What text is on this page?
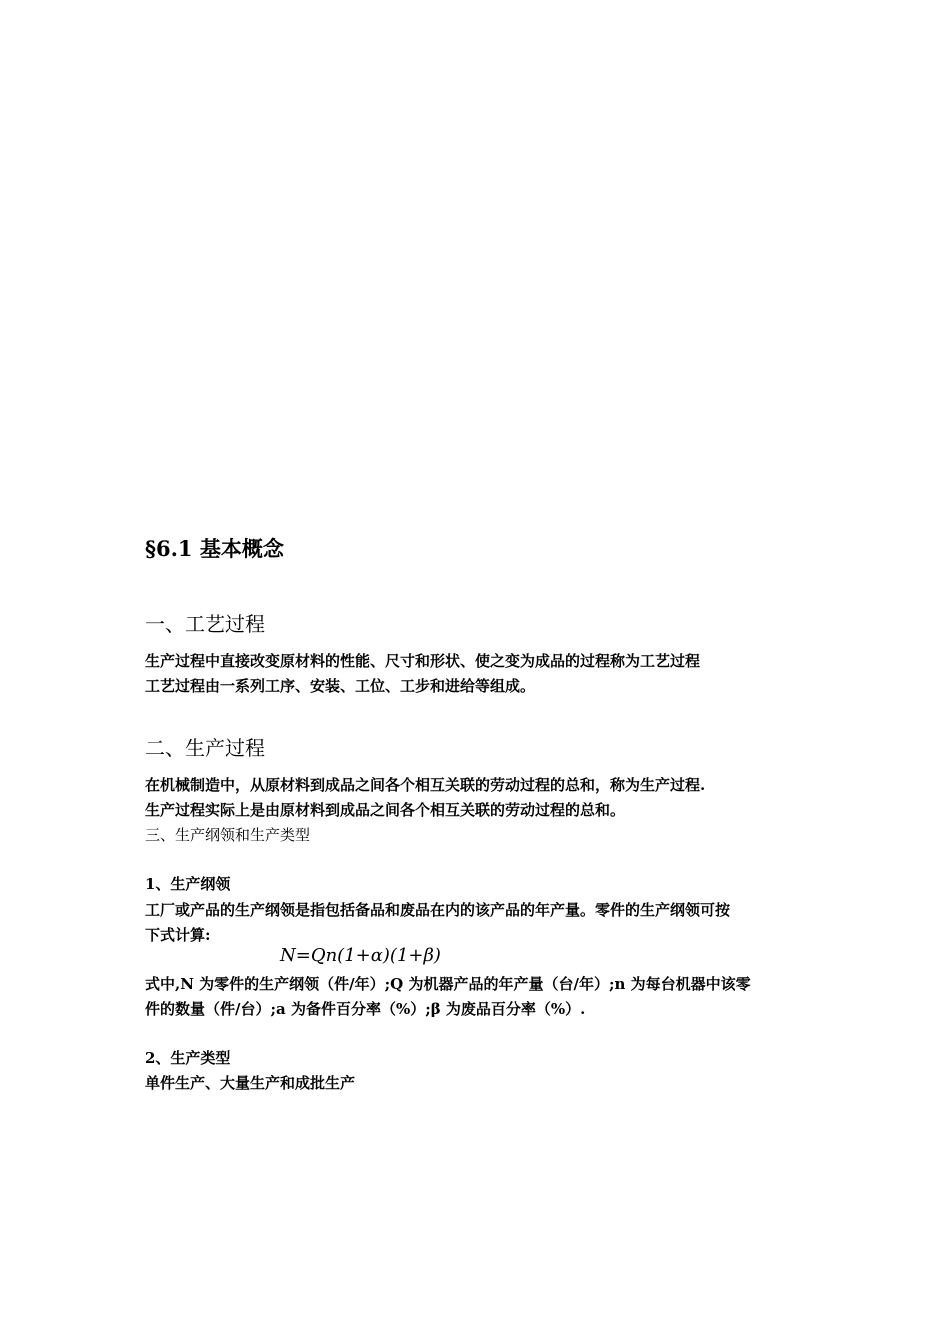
§6.1 基本概念
一、工艺过程
生产过程中直接改变原材料的性能、尺寸和形状、使之变为成品的过程称为工艺过程
工艺过程由一系列工序、安装、工位、工步和进给等组成。
二、生产过程
在机械制造中，从原材料到成品之间各个相互关联的劳动过程的总和，称为生产过程.
生产过程实际上是由原材料到成品之间各个相互关联的劳动过程的总和。
三、生产纲领和生产类型
1、生产纲领
工厂或产品的生产纲领是指包括备品和废品在内的该产品的年产量。零件的生产纲领可按
下式计算:
N=Qn(1+α)(1+β)
式中,N 为零件的生产纲领（件/年）;Q 为机器产品的年产量（台/年）;n 为每台机器中该零
件的数量（件/台）;a 为备件百分率（%）;β 为废品百分率（%）.
2、生产类型
单件生产、大量生产和成批生产
